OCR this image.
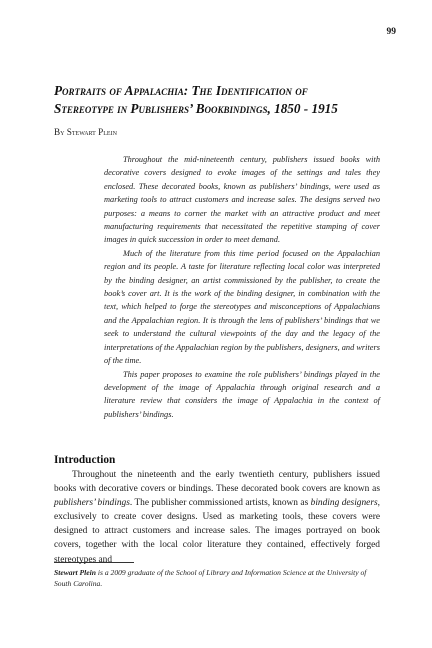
99
Portraits of Appalachia: The Identification of
Stereotype in Publishers’ Bookbindings, 1850 - 1915
By Stewart Plein

Throughout the mid-nineteenth century, publishers issued books with decorative covers designed to evoke images of the settings and tales they enclosed. These decorated books, known as publishers’ bindings, were used as marketing tools to attract customers and increase sales. The designs served two purposes: a means to corner the market with an attractive product and meet manufacturing requirements that necessitated the repetitive stamping of cover images in quick succession in order to meet demand.

Much of the literature from this time period focused on the Appalachian region and its people. A taste for literature reflecting local color was interpreted by the binding designer, an artist commissioned by the publisher, to create the book’s cover art. It is the work of the binding designer, in combination with the text, which helped to forge the stereotypes and misconceptions of Appalachians and the Appalachian region. It is through the lens of publishers’ bindings that we seek to understand the cultural viewpoints of the day and the legacy of the interpretations of the Appalachian region by the publishers, designers, and writers of the time.

This paper proposes to examine the role publishers’ bindings played in the development of the image of Appalachia through original research and a literature review that considers the image of Appalachia in the context of publishers’ bindings.

Introduction

Throughout the nineteenth and the early twentieth century, publishers issued books with decorative covers or bindings. These decorated book covers are known as publishers’ bindings. The publisher commissioned artists, known as binding designers, exclusively to create cover designs. Used as marketing tools, these covers were designed to attract customers and increase sales. The images portrayed on book covers, together with the local color literature they contained, effectively forged stereotypes and

Stewart Plein is a 2009 graduate of the School of Library and Information Science at the University of South Carolina.
